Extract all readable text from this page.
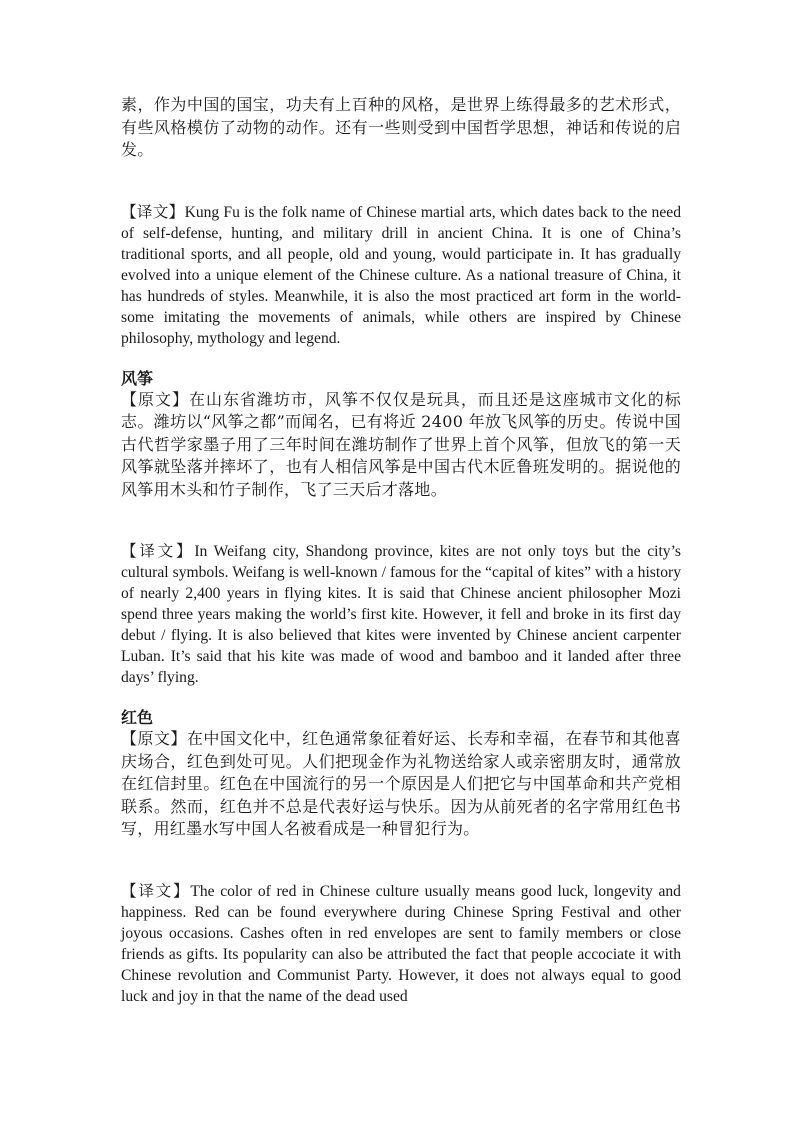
素，作为中国的国宝，功夫有上百种的风格，是世界上练得最多的艺术形式，有些风格模仿了动物的动作。还有一些则受到中国哲学思想，神话和传说的启发。

【译文】Kung Fu is the folk name of Chinese martial arts, which dates back to the need of self-defense, hunting, and military drill in ancient China. It is one of China’s traditional sports, and all people, old and young, would participate in. It has gradually evolved into a unique element of the Chinese culture. As a national treasure of China, it has hundreds of styles. Meanwhile, it is also the most practiced art form in the world- some imitating the movements of animals, while others are inspired by Chinese philosophy, mythology and legend.

风筝

【原文】在山东省潍坊市，风筝不仅仅是玩具，而且还是这座城市文化的标志。潍坊以“风筝之都”而闻名，已有将近 2400 年放飞风筝的历史。传说中国古代哲学家墨子用了三年时间在潍坊制作了世界上首个风筝，但放飞的第一天风筝就坠落并摔坏了，也有人相信风筝是中国古代木匠鲁班发明的。据说他的风筝用木头和竹子制作，飞了三天后才落地。

【译文】In Weifang city, Shandong province, kites are not only toys but the city’s cultural symbols. Weifang is well-known / famous for the “capital of kites” with a history of nearly 2,400 years in flying kites. It is said that Chinese ancient philosopher Mozi spend three years making the world’s first kite. However, it fell and broke in its first day debut / flying. It is also believed that kites were invented by Chinese ancient carpenter Luban. It’s said that his kite was made of wood and bamboo and it landed after three days’ flying.

红色

【原文】在中国文化中，红色通常象征着好运、长寿和幸福，在春节和其他喜庆场合，红色到处可见。人们把现金作为礼物送给家人或亲密朋友时，通常放在红信封里。红色在中国流行的另一个原因是人们把它与中国革命和共产党相联系。然而，红色并不总是代表好运与快乐。因为从前死者的名字常用红色书写，用红墨水写中国人名被看成是一种冒犯行为。

【译文】The color of red in Chinese culture usually means good luck, longevity and happiness. Red can be found everywhere during Chinese Spring Festival and other joyous occasions. Cashes often in red envelopes are sent to family members or close friends as gifts. Its popularity can also be attributed the fact that people accociate it with Chinese revolution and Communist Party. However, it does not always equal to good luck and joy in that the name of the dead used
